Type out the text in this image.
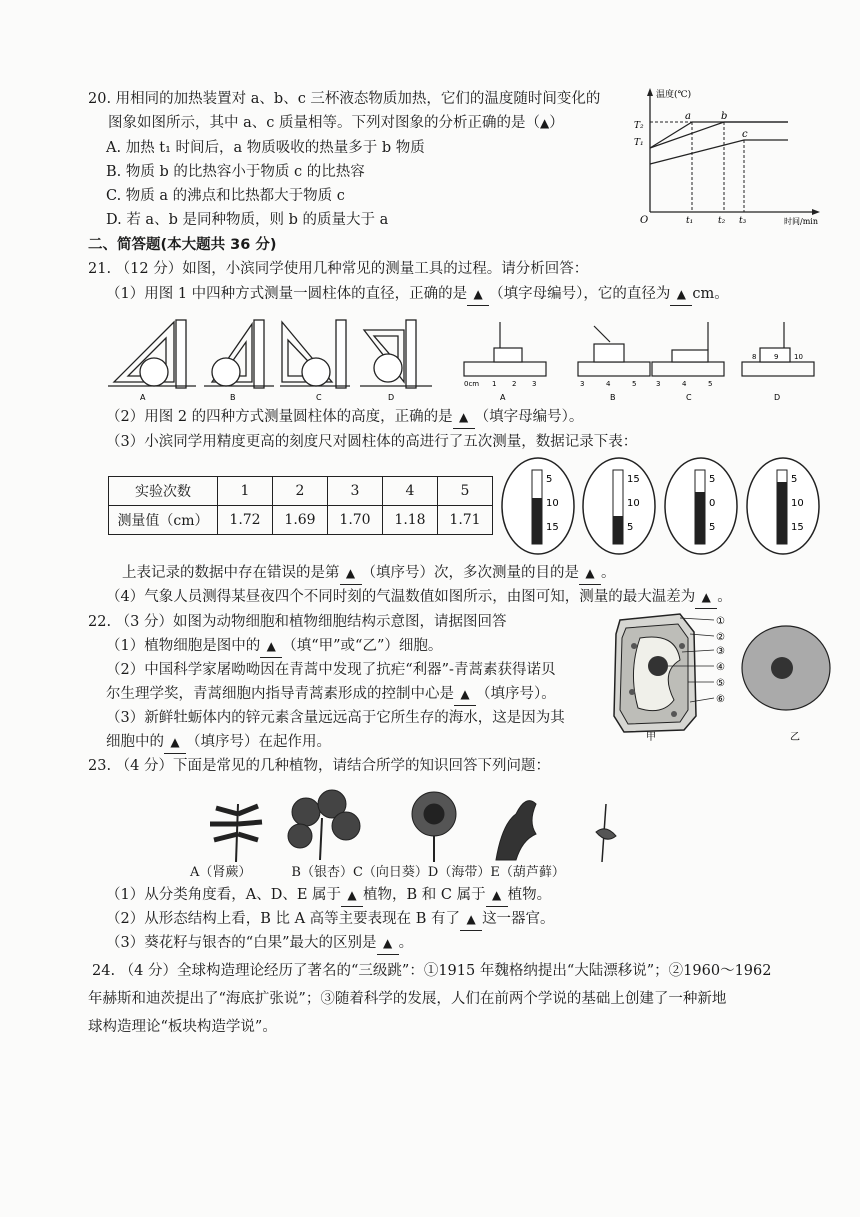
20. 用相同的加热装置对 a、b、c 三杯液态物质加热，它们的温度随时间变化的
图象如图所示，其中 a、c 质量相等。下列对图象的分析正确的是（▲）
A. 加热 t₁ 时间后，a 物质吸收的热量多于 b 物质
B. 物质 b 的比热容小于物质 c 的比热容
C. 物质 a 的沸点和比热都大于物质 c
D. 若 a、b 是同种物质，则 b 的质量大于 a
温度(℃)
时间/min
O
T₂
T₁
a	b
c
t₁	t₂ t₃
二、简答题(本大题共 36 分)
21. （12 分）如图，小滨同学使用几种常见的测量工具的过程。请分析回答：
（1）用图 1 中四种方式测量一圆柱体的直径，正确的是 ▲ （填字母编号），它的直径为 ▲ cm。
A	B	C	D
0cm 1 2 3	3	4	5	3	4	5
8	9 10
A	B	C	D
（2）用图 2 的四种方式测量圆柱体的高度，正确的是 ▲ （填字母编号）。
（3）小滨同学用精度更高的刻度尺对圆柱体的高进行了五次测量，数据记录下表：
实验次数	1	2	3	4	5
测量值（cm）	1.72	1.69	1.70	1.18	1.71
5
10
15
15
10
5
5
0
5
5
10
15
上表记录的数据中存在错误的是第 ▲ （填序号）次，多次测量的目的是 ▲ 。
（4）气象人员测得某昼夜四个不同时刻的气温数值如图所示，由图可知，测量的最大温差为 ▲ 。
22. （3 分）如图为动物细胞和植物细胞结构示意图，请据图回答
（1）植物细胞是图中的 ▲ （填“甲”或“乙”）细胞。
（2）中国科学家屠呦呦因在青蒿中发现了抗疟“利器”-青蒿素获得诺贝
尔生理学奖，青蒿细胞内指导青蒿素形成的控制中心是 ▲ （填序号）。
（3）新鲜牡蛎体内的锌元素含量远远高于它所生存的海水，这是因为其
细胞中的 ▲ （填序号）在起作用。
①
②
③
④
⑤
⑥
甲	乙
23. （4 分）下面是常见的几种植物，请结合所学的知识回答下列问题：
A（肾蕨）	B（银杏）C（向日葵）D（海带）E（葫芦藓）
（1）从分类角度看，A、D、E 属于 ▲ 植物，B 和 C 属于 ▲ 植物。
（2）从形态结构上看，B 比 A 高等主要表现在 B 有了 ▲ 这一器官。
（3）葵花籽与银杏的“白果”最大的区别是 ▲ 。
24. （4 分）全球构造理论经历了著名的“三级跳”：①1915 年魏格纳提出“大陆漂移说”；②1960～1962
年赫斯和迪茨提出了“海底扩张说”；③随着科学的发展，人们在前两个学说的基础上创建了一种新地
球构造理论“板块构造学说”。
